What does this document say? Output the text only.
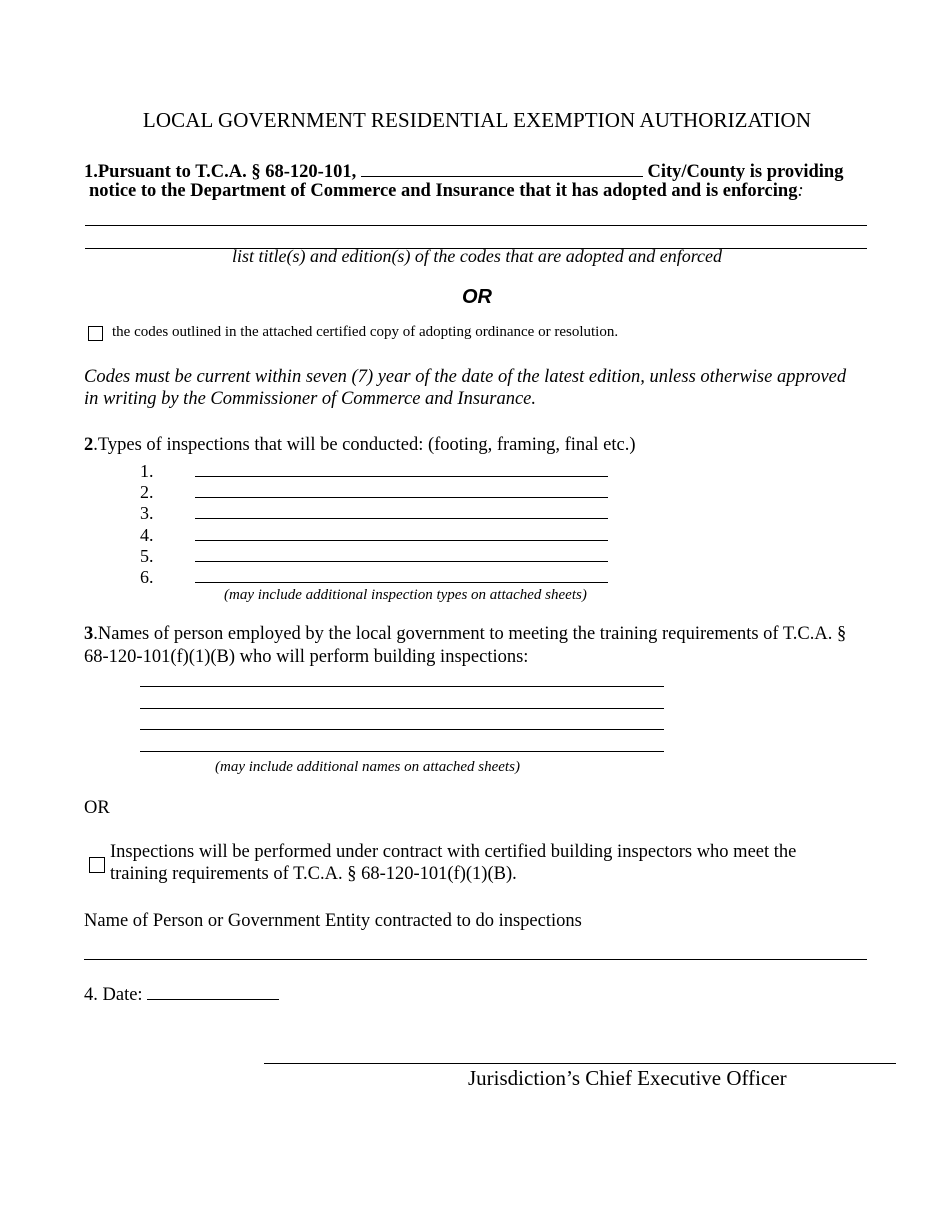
LOCAL GOVERNMENT RESIDENTIAL EXEMPTION AUTHORIZATION
1.Pursuant to T.C.A. § 68-120-101,	City/County is providing
notice to the Department of Commerce and Insurance that it has adopted and is enforcing:
list title(s) and edition(s) of the codes that are adopted and enforced
OR
the codes outlined in the attached certified copy of adopting ordinance or resolution.
Codes must be current within seven (7) year of the date of the latest edition, unless otherwise approved
in writing by the Commissioner of Commerce and Insurance.
2.Types of inspections that will be conducted: (footing, framing, final etc.)
1.
2.
3.
4.
5.
6.
(may include additional inspection types on attached sheets)
3.Names of person employed by the local government to meeting the training requirements of T.C.A. §
68-120-101(f)(1)(B) who will perform building inspections:
(may include additional names on attached sheets)
OR
Inspections will be performed under contract with certified building inspectors who meet the
training requirements of T.C.A. § 68-120-101(f)(1)(B).
Name of Person or Government Entity contracted to do inspections
4. Date:
Jurisdiction’s Chief Executive Officer
